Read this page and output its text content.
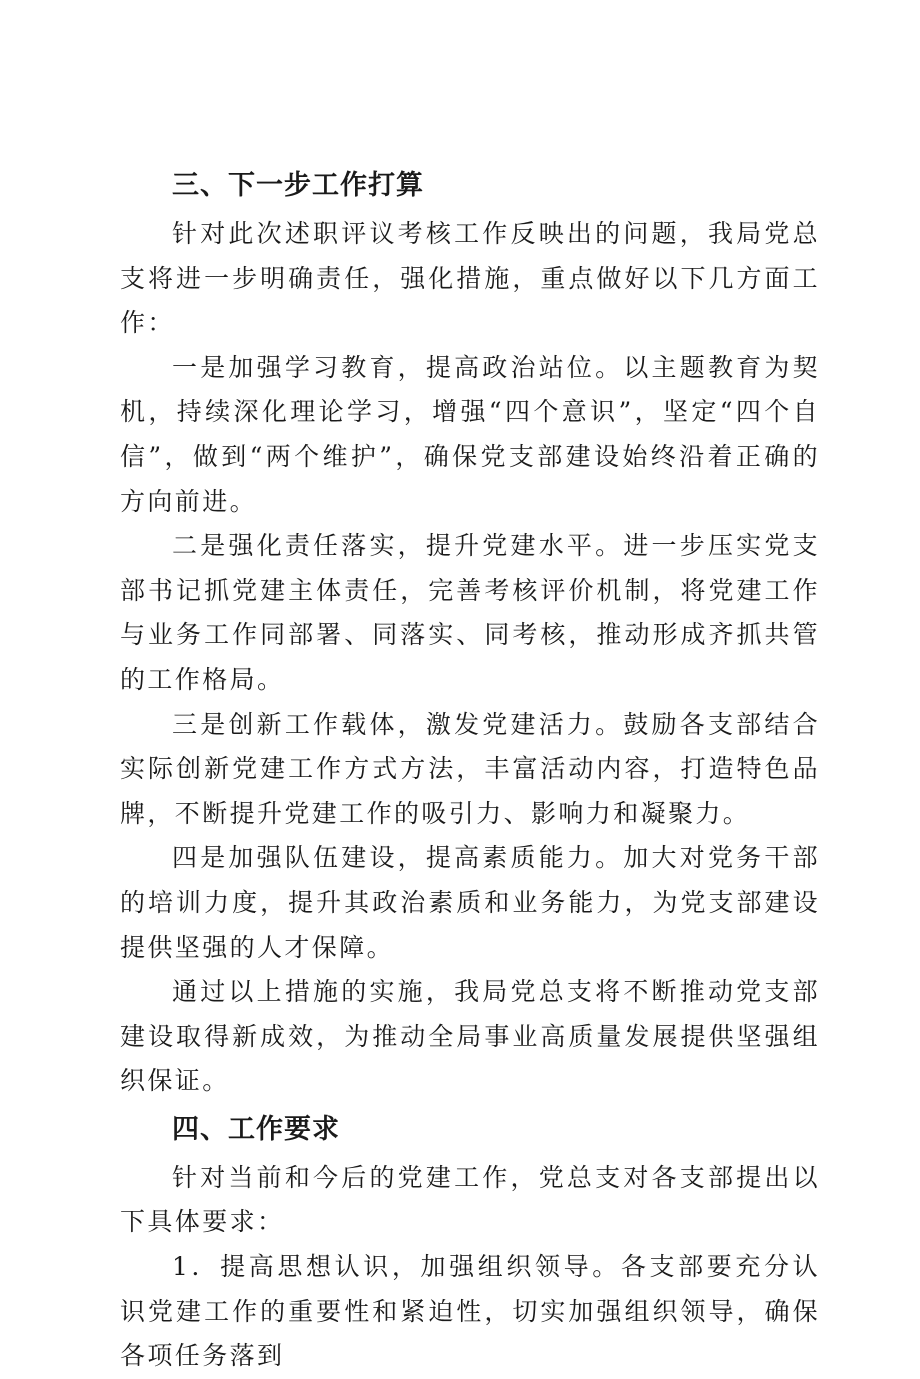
三、下一步工作打算

针对此次述职评议考核工作反映出的问题，我局党总支将进一步明确责任，强化措施，重点做好以下几方面工作：

一是加强学习教育，提高政治站位。以主题教育为契机，持续深化理论学习，增强“四个意识”，坚定“四个自信”，做到“两个维护”，确保党支部建设始终沿着正确的方向前进。

二是强化责任落实，提升党建水平。进一步压实党支部书记抓党建主体责任，完善考核评价机制，将党建工作与业务工作同部署、同落实、同考核，推动形成齐抓共管的工作格局。

三是创新工作载体，激发党建活力。鼓励各支部结合实际创新党建工作方式方法，丰富活动内容，打造特色品牌，不断提升党建工作的吸引力、影响力和凝聚力。

四是加强队伍建设，提高素质能力。加大对党务干部的培训力度，提升其政治素质和业务能力，为党支部建设提供坚强的人才保障。

通过以上措施的实施，我局党总支将不断推动党支部建设取得新成效，为推动全局事业高质量发展提供坚强组织保证。

四、工作要求

针对当前和今后的党建工作，党总支对各支部提出以下具体要求：

1．提高思想认识，加强组织领导。各支部要充分认识党建工作的重要性和紧迫性，切实加强组织领导，确保各项任务落到
